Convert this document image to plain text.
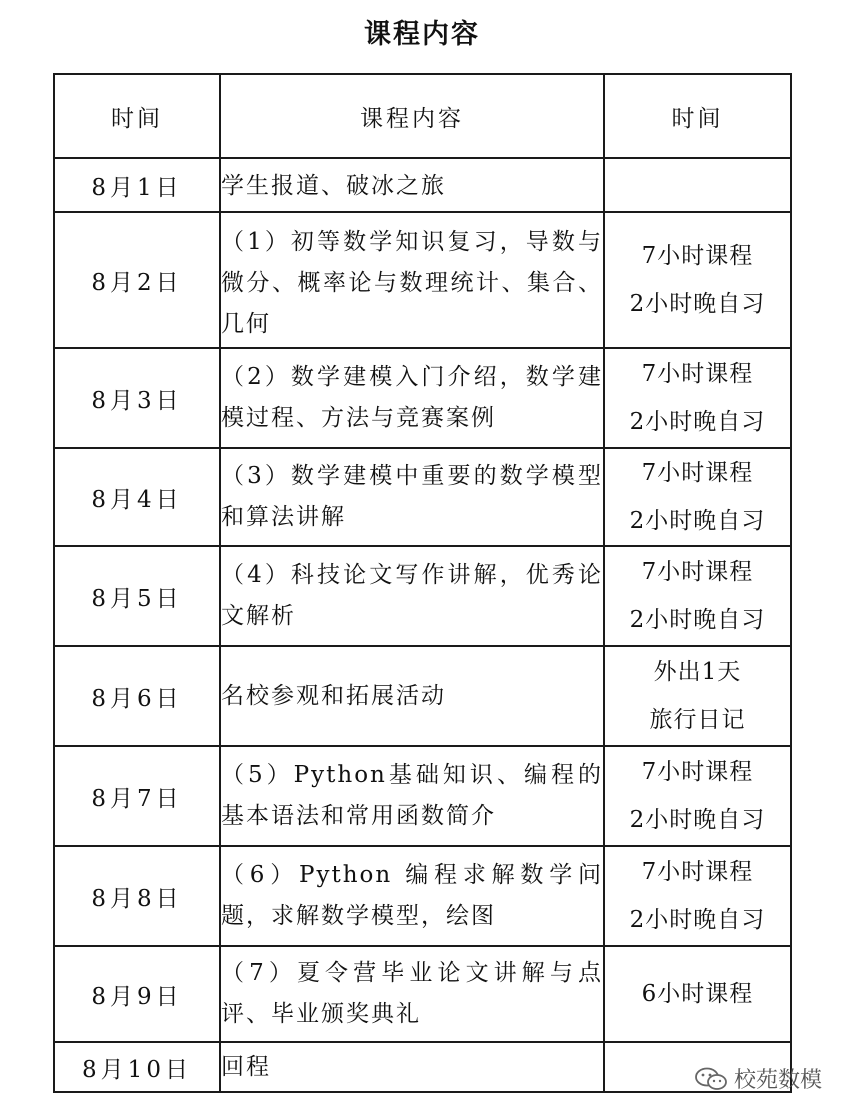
课程内容
时间	课程内容	时间
8月1日	学生报道、破冰之旅	

8月2日	（1）初等数学知识复习，导数与微分、概率论与数理统计、集合、几何	7小时课程
2小时晚自习

8月3日	（2）数学建模入门介绍，数学建模过程、方法与竞赛案例	7小时课程
2小时晚自习

8月4日	（3）数学建模中重要的数学模型和算法讲解	7小时课程
2小时晚自习

8月5日	（4）科技论文写作讲解，优秀论文解析	7小时课程
2小时晚自习

8月6日	名校参观和拓展活动	外出1天
旅行日记

8月7日	（5）Python基础知识、编程的基本语法和常用函数简介	7小时课程
2小时晚自习

8月8日	（6）Python 编程求解数学问题，求解数学模型，绘图	7小时课程
2小时晚自习

8月9日	（7）夏令营毕业论文讲解与点评、毕业颁奖典礼	6小时课程

8月10日	回程	
校苑数模
